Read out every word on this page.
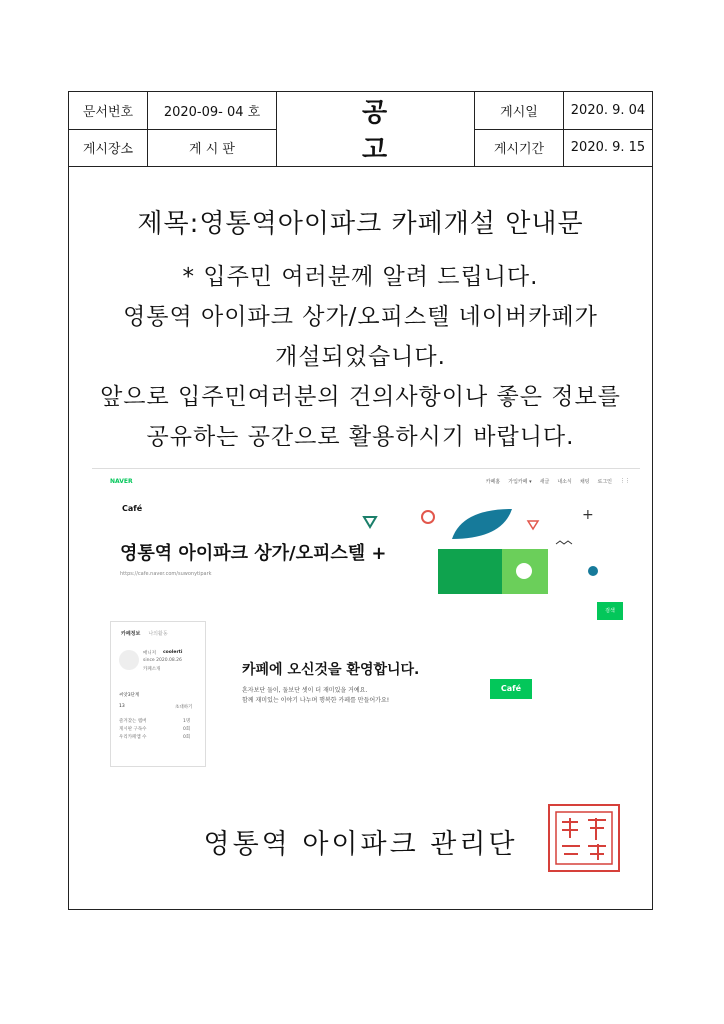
문서번호	2020-09- 04 호	공 고	게시일	2020. 9. 04
게시장소	게 시 판		게시기간	2020. 9. 15
제목:영통역아이파크 카페개설 안내문
* 입주민 여러분께 알려 드립니다.
영통역 아이파크 상가/오피스텔 네이버카페가
개설되었습니다.
앞으로 입주민여러분의 건의사항이나 좋은 정보를
공유하는 공간으로 활용하시기 바랍니다.
NAVER	카페홈 가입카페 ▾ 새글 내소식 채팅 로그인 ⋮⋮
Café
영통역 아이파크 상가/오피스텔 +
https://cafe.naver.com/suwonytipark
+
검색
카페정보 나의활동
매니저 coolerti
since 2020.08.26
카페소개
씨앗3단계
13	초대하기
즐겨찾는 멤버	1명
게시판 구독수	0회
우리카페앱 수	0회
카페에 오신것을 환영합니다.
혼자보단 둘이, 둘보단 셋이 더 재미있을 거예요.
함께 재미있는 이야기 나누며 행복한 카페를 만들어가요!
Café
영통역 아이파크 관리단
